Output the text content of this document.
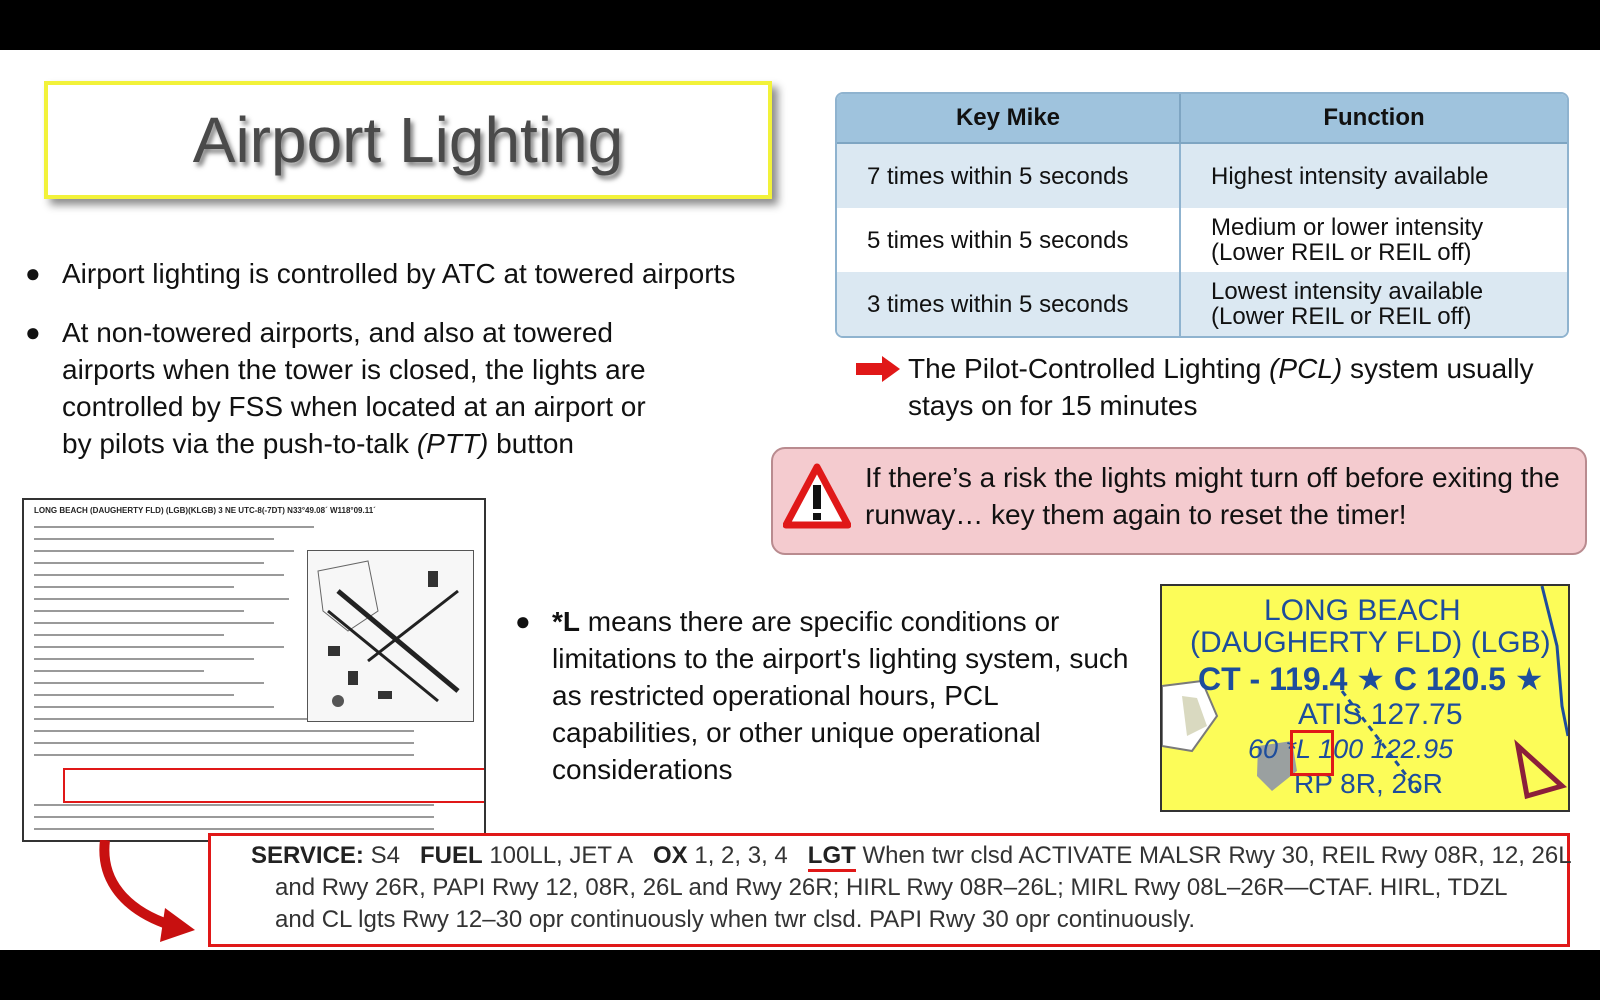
Airport Lighting
● Airport lighting is controlled by ATC at towered airports
● At non-towered airports, and also at towered
airports when the tower is closed, the lights are
controlled by FSS when located at an airport or
by pilots via the push-to-talk (PTT) button
Key Mike	Function
7 times within 5 seconds	Highest intensity available
5 times within 5 seconds	Medium or lower intensity
(Lower REIL or REIL off)
3 times within 5 seconds	Lowest intensity available
(Lower REIL or REIL off)
The Pilot-Controlled Lighting (PCL) system usually stays on for 15 minutes
If there’s a risk the lights might turn off before exiting the runway… key them again to reset the timer!
LONG BEACH (DAUGHERTY FLD) (LGB)(KLGB) 3 NE UTC-8(-7DT) N33°49.08´ W118°09.11´
● *L means there are specific conditions or limitations to the airport's lighting system, such as restricted operational hours, PCL capabilities, or other unique operational considerations
LONG BEACH
(DAUGHERTY FLD) (LGB)
CT - 119.4 ★ C 120.5 ★
ATIS 127.75
60 *L 100 122.95
RP 8R, 26R
SERVICE: S4 FUEL 100LL, JET A OX 1, 2, 3, 4 LGT When twr clsd ACTIVATE MALSR Rwy 30, REIL Rwy 08R, 12, 26L
and Rwy 26R, PAPI Rwy 12, 08R, 26L and Rwy 26R; HIRL Rwy 08R–26L; MIRL Rwy 08L–26R—CTAF. HIRL, TDZL
and CL lgts Rwy 12–30 opr continuously when twr clsd. PAPI Rwy 30 opr continuously.
